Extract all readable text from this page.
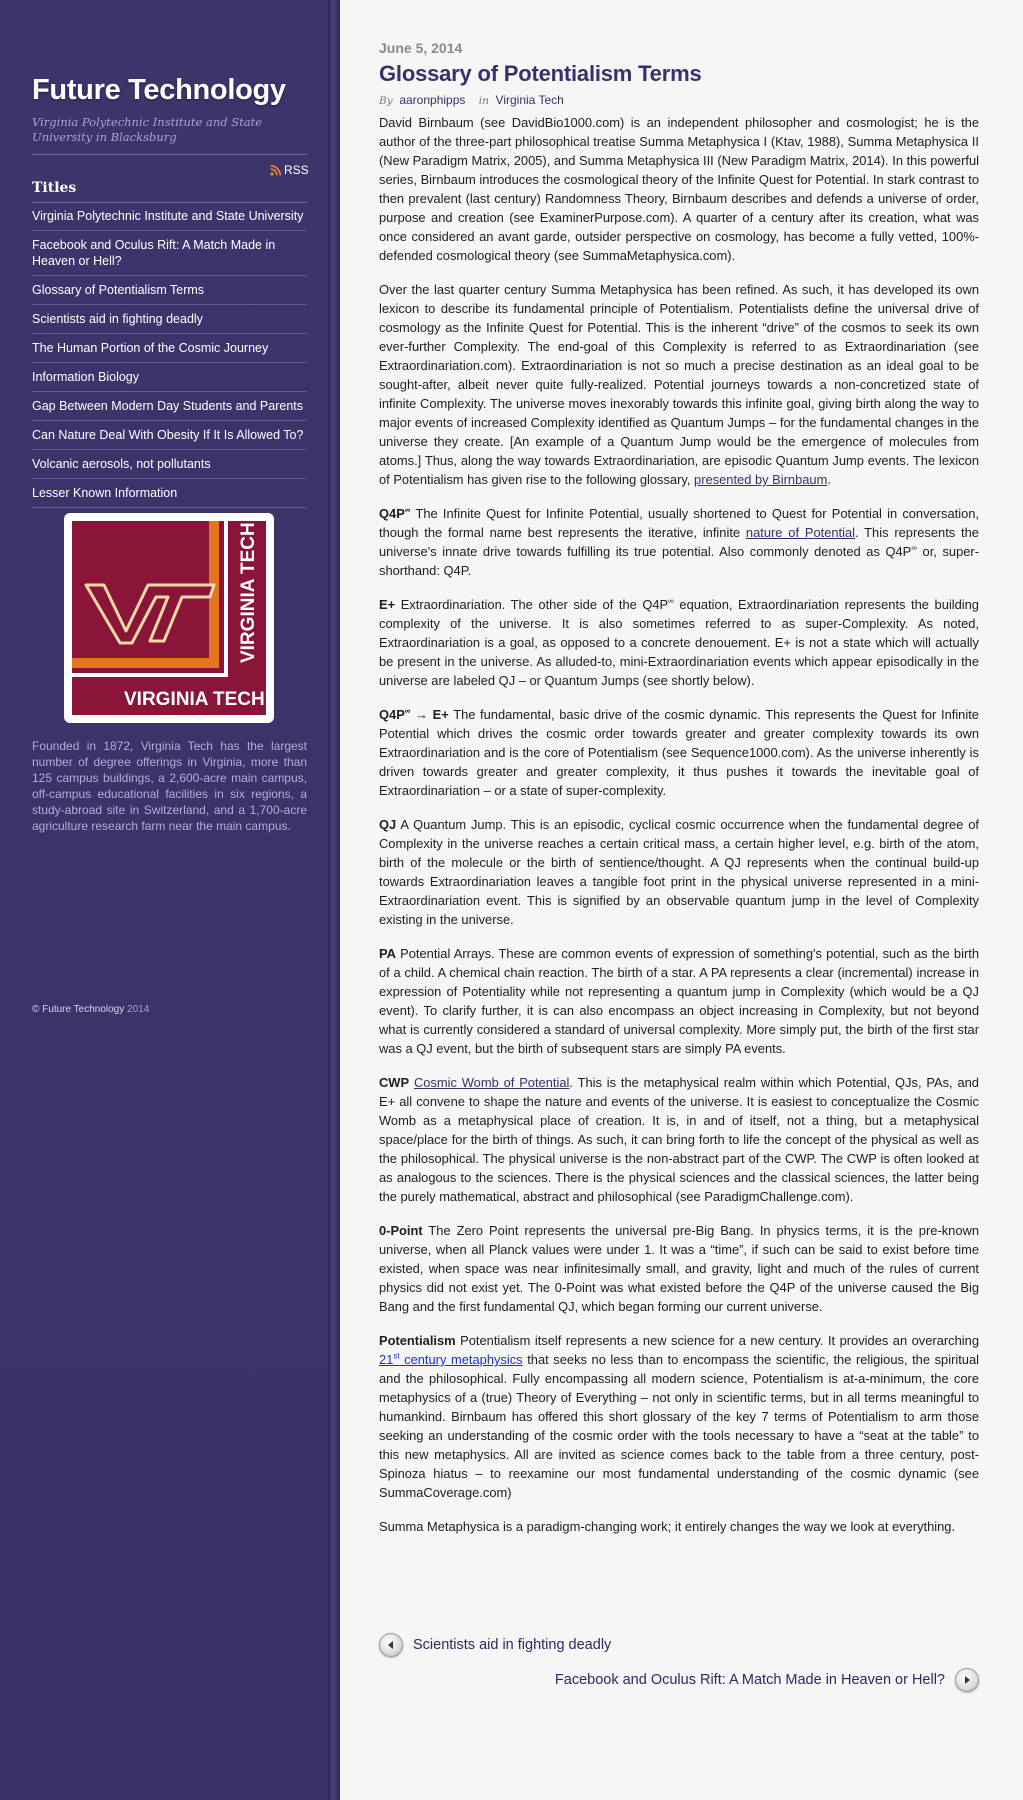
Future Technology
Virginia Polytechnic Institute and State University in Blacksburg
RSS
Titles
Virginia Polytechnic Institute and State University
Facebook and Oculus Rift: A Match Made in Heaven or Hell?
Glossary of Potentialism Terms
Scientists aid in fighting deadly
The Human Portion of the Cosmic Journey
Information Biology
Gap Between Modern Day Students and Parents
Can Nature Deal With Obesity If It Is Allowed To?
Volcanic aerosols, not pollutants
Lesser Known Information
VIRGINIA TECH
VIRGINIA TECH
Founded in 1872, Virginia Tech has the largest number of degree offerings in Virginia, more than 125 campus buildings, a 2,600-acre main campus, off-campus educational facilities in six regions, a study-abroad site in Switzerland, and a 1,700-acre agriculture research farm near the main campus.
© Future Technology 2014
June 5, 2014
Glossary of Potentialism Terms
By aaronphipps in Virginia Tech

David Birnbaum (see DavidBio1000.com) is an independent philosopher and cosmologist; he is the author of the three-part philosophical treatise Summa Metaphysica I (Ktav, 1988), Summa Metaphysica II (New Paradigm Matrix, 2005), and Summa Metaphysica III (New Paradigm Matrix, 2014). In this powerful series, Birnbaum introduces the cosmological theory of the Infinite Quest for Potential. In stark contrast to then prevalent (last century) Randomness Theory, Birnbaum describes and defends a universe of order, purpose and creation (see ExaminerPurpose.com). A quarter of a century after its creation, what was once considered an avant garde, outsider perspective on cosmology, has become a fully vetted, 100%-defended cosmological theory (see SummaMetaphysica.com).

Over the last quarter century Summa Metaphysica has been refined. As such, it has developed its own lexicon to describe its fundamental principle of Potentialism. Potentialists define the universal drive of cosmology as the Infinite Quest for Potential. This is the inherent “drive” of the cosmos to seek its own ever-further Complexity. The end-goal of this Complexity is referred to as Extraordinariation (see Extraordinariation.com). Extraordinariation is not so much a precise destination as an ideal goal to be sought-after, albeit never quite fully-realized. Potential journeys towards a non-concretized state of infinite Complexity. The universe moves inexorably towards this infinite goal, giving birth along the way to major events of increased Complexity identified as Quantum Jumps – for the fundamental changes in the universe they create. [An example of a Quantum Jump would be the emergence of molecules from atoms.] Thus, along the way towards Extraordinariation, are episodic Quantum Jump events. The lexicon of Potentialism has given rise to the following glossary, presented by Birnbaum.

Q4P∞ The Infinite Quest for Infinite Potential, usually shortened to Quest for Potential in conversation, though the formal name best represents the iterative, infinite nature of Potential. This represents the universe's innate drive towards fulfilling its true potential. Also commonly denoted as Q4P∞ or, super-shorthand: Q4P.

E+ Extraordinariation. The other side of the Q4P∞ equation, Extraordinariation represents the building complexity of the universe. It is also sometimes referred to as super-Complexity. As noted, Extraordinariation is a goal, as opposed to a concrete denouement. E+ is not a state which will actually be present in the universe. As alluded-to, mini-Extraordinariation events which appear episodically in the universe are labeled QJ – or Quantum Jumps (see shortly below).

Q4P∞ → E+ The fundamental, basic drive of the cosmic dynamic. This represents the Quest for Infinite Potential which drives the cosmic order towards greater and greater complexity towards its own Extraordinariation and is the core of Potentialism (see Sequence1000.com). As the universe inherently is driven towards greater and greater complexity, it thus pushes it towards the inevitable goal of Extraordinariation – or a state of super-complexity.

QJ A Quantum Jump. This is an episodic, cyclical cosmic occurrence when the fundamental degree of Complexity in the universe reaches a certain critical mass, a certain higher level, e.g. birth of the atom, birth of the molecule or the birth of sentience/thought. A QJ represents when the continual build-up towards Extraordinariation leaves a tangible foot print in the physical universe represented in a mini-Extraordinariation event. This is signified by an observable quantum jump in the level of Complexity existing in the universe.

PA Potential Arrays. These are common events of expression of something's potential, such as the birth of a child. A chemical chain reaction. The birth of a star. A PA represents a clear (incremental) increase in expression of Potentiality while not representing a quantum jump in Complexity (which would be a QJ event). To clarify further, it is can also encompass an object increasing in Complexity, but not beyond what is currently considered a standard of universal complexity. More simply put, the birth of the first star was a QJ event, but the birth of subsequent stars are simply PA events.

CWP Cosmic Womb of Potential. This is the metaphysical realm within which Potential, QJs, PAs, and E+ all convene to shape the nature and events of the universe. It is easiest to conceptualize the Cosmic Womb as a metaphysical place of creation. It is, in and of itself, not a thing, but a metaphysical space/place for the birth of things. As such, it can bring forth to life the concept of the physical as well as the philosophical. The physical universe is the non-abstract part of the CWP. The CWP is often looked at as analogous to the sciences. There is the physical sciences and the classical sciences, the latter being the purely mathematical, abstract and philosophical (see ParadigmChallenge.com).

0-Point The Zero Point represents the universal pre-Big Bang. In physics terms, it is the pre-known universe, when all Planck values were under 1. It was a “time”, if such can be said to exist before time existed, when space was near infinitesimally small, and gravity, light and much of the rules of current physics did not exist yet. The 0-Point was what existed before the Q4P of the universe caused the Big Bang and the first fundamental QJ, which began forming our current universe.

Potentialism Potentialism itself represents a new science for a new century. It provides an overarching 21st century metaphysics that seeks no less than to encompass the scientific, the religious, the spiritual and the philosophical. Fully encompassing all modern science, Potentialism is at-a-minimum, the core metaphysics of a (true) Theory of Everything – not only in scientific terms, but in all terms meaningful to humankind. Birnbaum has offered this short glossary of the key 7 terms of Potentialism to arm those seeking an understanding of the cosmic order with the tools necessary to have a “seat at the table” to this new metaphysics. All are invited as science comes back to the table from a three century, post-Spinoza hiatus – to reexamine our most fundamental understanding of the cosmic dynamic (see SummaCoverage.com)

Summa Metaphysica is a paradigm-changing work; it entirely changes the way we look at everything.

Scientists aid in fighting deadly
Facebook and Oculus Rift: A Match Made in Heaven or Hell?
